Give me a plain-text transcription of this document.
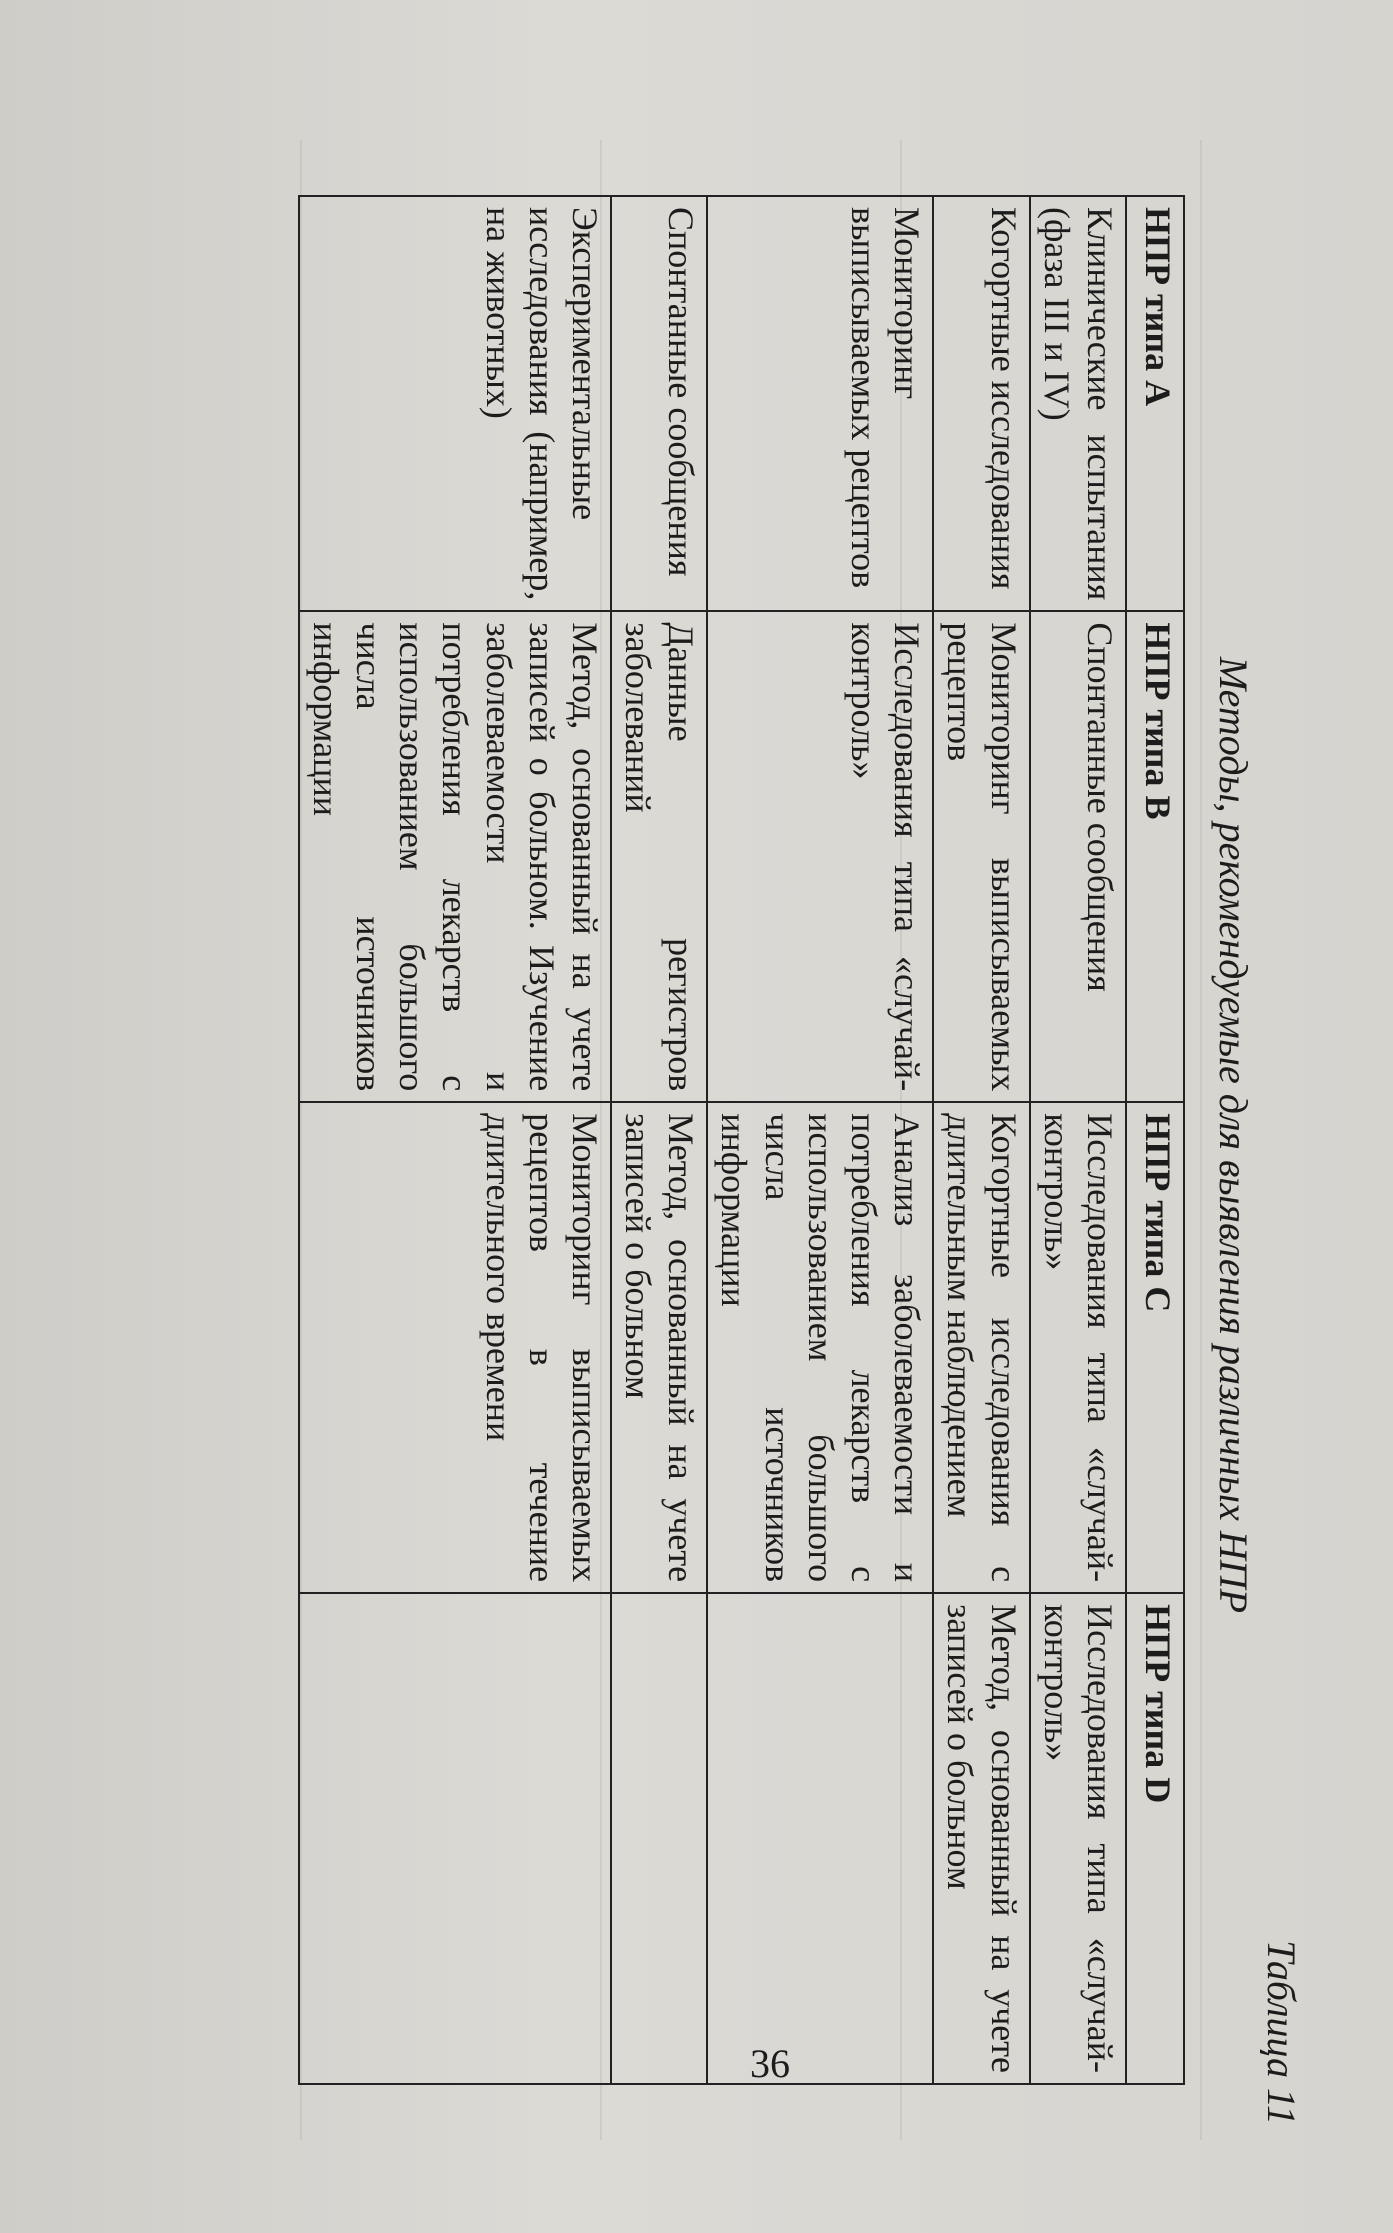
Таблица 11
Методы, рекомендуемые для выявления различных НПР
НПР типа А	НПР типа В	НПР типа С	НПР типа D
Клинические испытания (фаза III и IV)	Спонтанные сообщения	Исследования типа «случай-контроль»	Исследования типа «случай-контроль»
Когортные исследования	Мониторинг выписываемых рецептов	Когортные исследования с длительным наблюдением	Метод, основанный на учете записей о больном
Мониторинг выписываемых рецептов	Исследования типа «случай-контроль»	Анализ заболеваемости и потребления лекарств с использованием большого числа источников информации	
Спонтанные сообщения	Данные регистров заболеваний	Метод, основанный на учете записей о больном	
Экспериментальные исследования (например, на животных)	Метод, основанный на учете записей о больном. Изучение заболеваемости и потребления лекарств с использованием большого числа источников информации	Мониторинг выписываемых рецептов в течение длительного времени	
36
